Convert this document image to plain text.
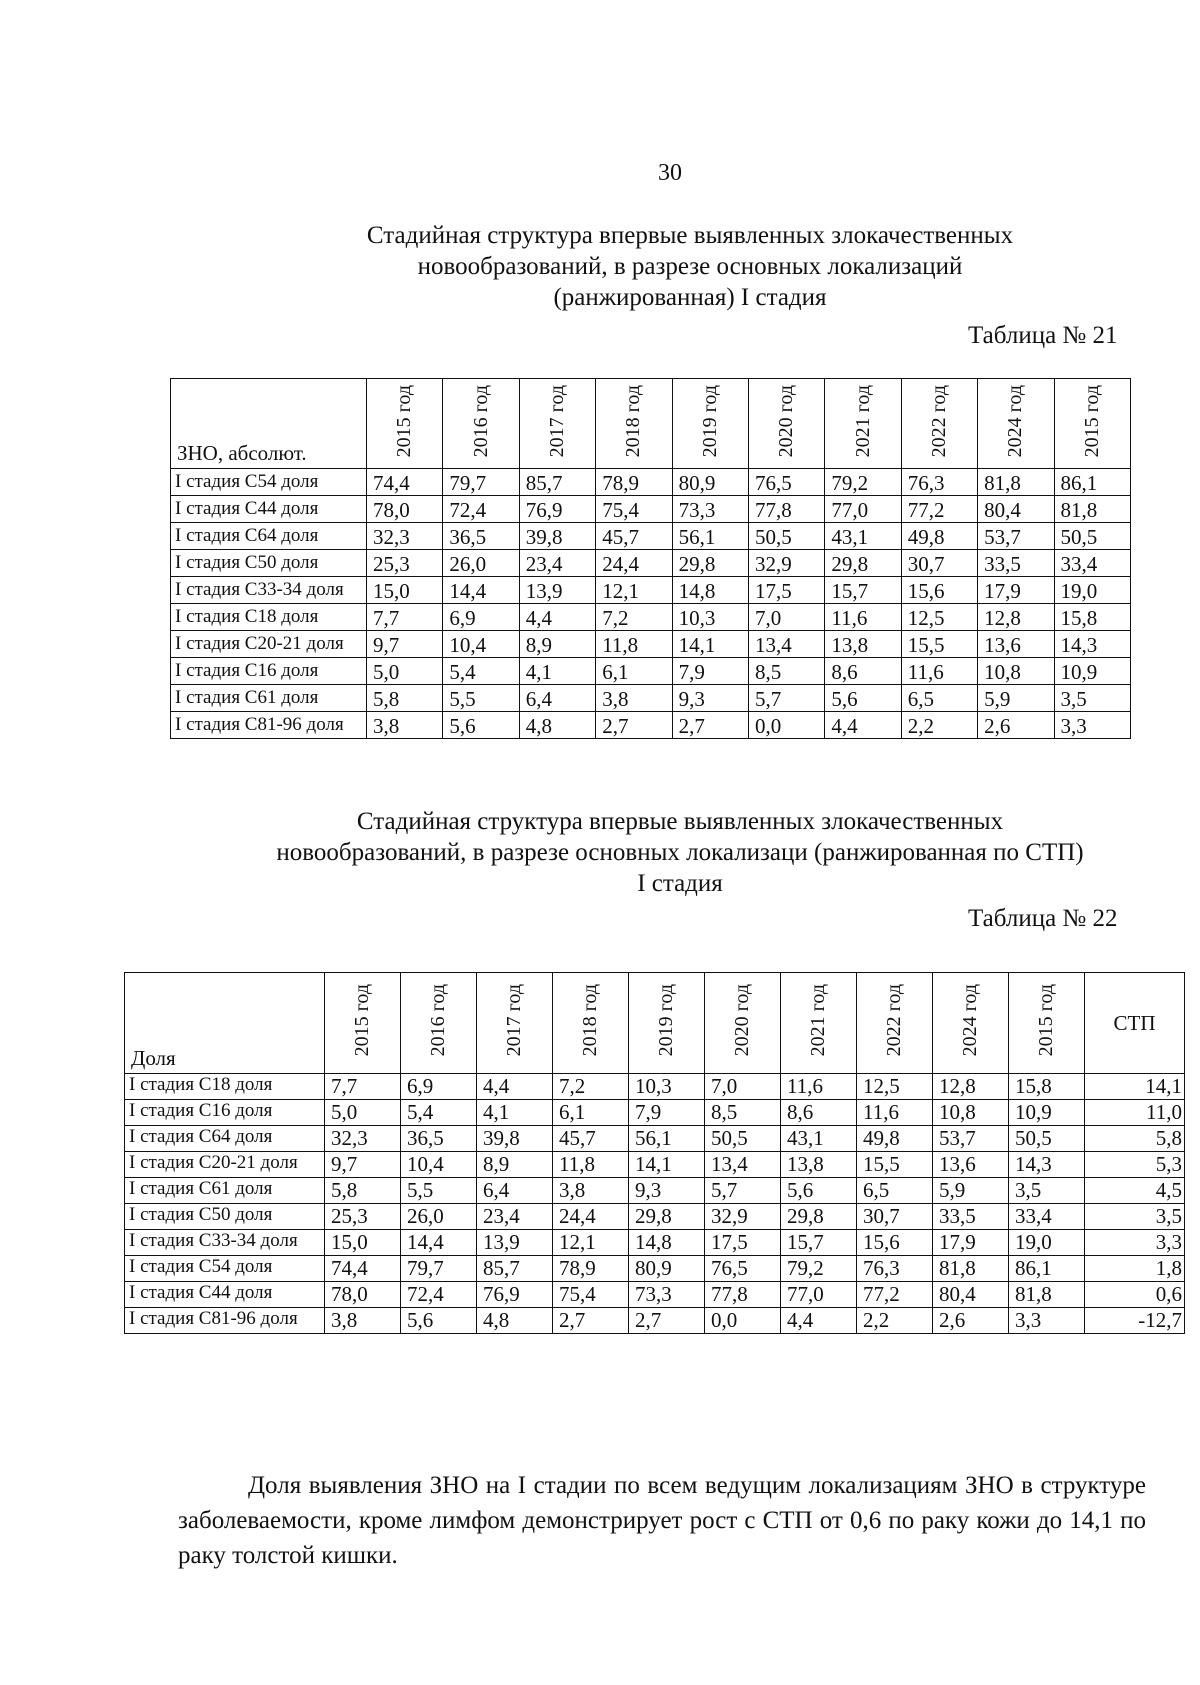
30
Стадийная структура впервые выявленных злокачественных
новообразований, в разрезе основных локализаций
(ранжированная) I стадия
Таблица № 21
ЗНО, абсолют.	2015 год	2016 год	2017 год	2018 год	2019 год	2020 год	2021 год	2022 год	2024 год	2015 год
I стадия С54 доля	74,4	79,7	85,7	78,9	80,9	76,5	79,2	76,3	81,8	86,1
I стадия С44 доля	78,0	72,4	76,9	75,4	73,3	77,8	77,0	77,2	80,4	81,8
I стадия С64 доля	32,3	36,5	39,8	45,7	56,1	50,5	43,1	49,8	53,7	50,5
I стадия С50 доля	25,3	26,0	23,4	24,4	29,8	32,9	29,8	30,7	33,5	33,4
I стадия С33-34 доля	15,0	14,4	13,9	12,1	14,8	17,5	15,7	15,6	17,9	19,0
I стадия С18 доля	7,7	6,9	4,4	7,2	10,3	7,0	11,6	12,5	12,8	15,8
I стадия С20-21 доля	9,7	10,4	8,9	11,8	14,1	13,4	13,8	15,5	13,6	14,3
I стадия С16 доля	5,0	5,4	4,1	6,1	7,9	8,5	8,6	11,6	10,8	10,9
I стадия С61 доля	5,8	5,5	6,4	3,8	9,3	5,7	5,6	6,5	5,9	3,5
I стадия С81-96 доля	3,8	5,6	4,8	2,7	2,7	0,0	4,4	2,2	2,6	3,3
Стадийная структура впервые выявленных злокачественных
новообразований, в разрезе основных локализаци (ранжированная по СТП)
I стадия
Таблица № 22
Доля	2015 год	2016 год	2017 год	2018 год	2019 год	2020 год	2021 год	2022 год	2024 год	2015 год	СТП
I стадия С18 доля	7,7	6,9	4,4	7,2	10,3	7,0	11,6	12,5	12,8	15,8	14,1
I стадия С16 доля	5,0	5,4	4,1	6,1	7,9	8,5	8,6	11,6	10,8	10,9	11,0
I стадия С64 доля	32,3	36,5	39,8	45,7	56,1	50,5	43,1	49,8	53,7	50,5	5,8
I стадия С20-21 доля	9,7	10,4	8,9	11,8	14,1	13,4	13,8	15,5	13,6	14,3	5,3
I стадия С61 доля	5,8	5,5	6,4	3,8	9,3	5,7	5,6	6,5	5,9	3,5	4,5
I стадия С50 доля	25,3	26,0	23,4	24,4	29,8	32,9	29,8	30,7	33,5	33,4	3,5
I стадия С33-34 доля	15,0	14,4	13,9	12,1	14,8	17,5	15,7	15,6	17,9	19,0	3,3
I стадия С54 доля	74,4	79,7	85,7	78,9	80,9	76,5	79,2	76,3	81,8	86,1	1,8
I стадия С44 доля	78,0	72,4	76,9	75,4	73,3	77,8	77,0	77,2	80,4	81,8	0,6
I стадия С81-96 доля	3,8	5,6	4,8	2,7	2,7	0,0	4,4	2,2	2,6	3,3	-12,7
Доля выявления ЗНО на I стадии по всем ведущим локализациям ЗНО в структуре заболеваемости, кроме лимфом демонстрирует рост с СТП от 0,6 по раку кожи до 14,1 по раку толстой кишки.
